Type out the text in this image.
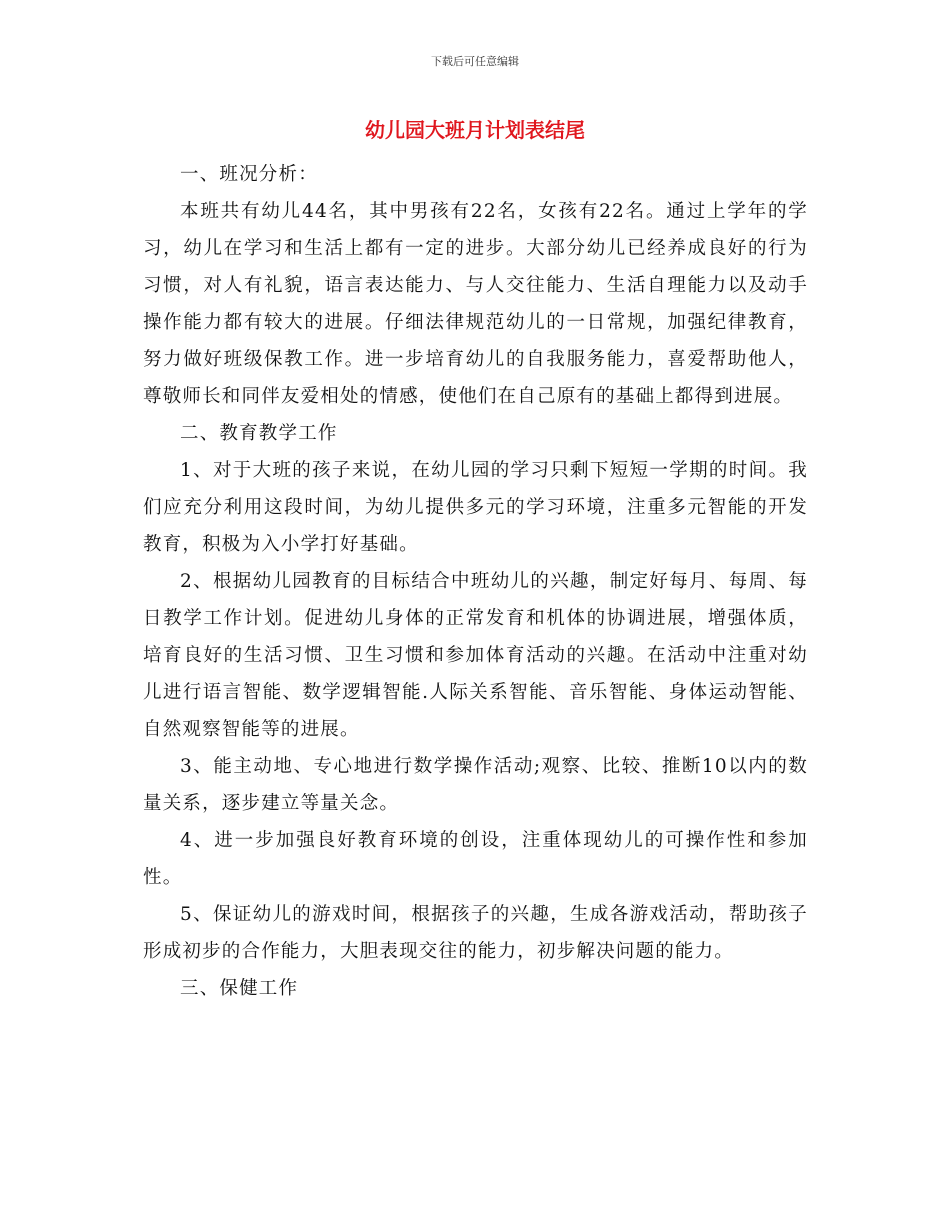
下载后可任意编辑
幼儿园大班月计划表结尾

一、班况分析：

本班共有幼儿44名，其中男孩有22名，女孩有22名。通过上学年的学习，幼儿在学习和生活上都有一定的进步。大部分幼儿已经养成良好的行为习惯，对人有礼貌，语言表达能力、与人交往能力、生活自理能力以及动手操作能力都有较大的进展。仔细法律规范幼儿的一日常规，加强纪律教育，努力做好班级保教工作。进一步培育幼儿的自我服务能力，喜爱帮助他人，尊敬师长和同伴友爱相处的情感，使他们在自己原有的基础上都得到进展。

二、教育教学工作

1、对于大班的孩子来说，在幼儿园的学习只剩下短短一学期的时间。我们应充分利用这段时间，为幼儿提供多元的学习环境，注重多元智能的开发教育，积极为入小学打好基础。

2、根据幼儿园教育的目标结合中班幼儿的兴趣，制定好每月、每周、每日教学工作计划。促进幼儿身体的正常发育和机体的协调进展，增强体质，培育良好的生活习惯、卫生习惯和参加体育活动的兴趣。在活动中注重对幼儿进行语言智能、数学逻辑智能.人际关系智能、音乐智能、身体运动智能、自然观察智能等的进展。

3、能主动地、专心地进行数学操作活动;观察、比较、推断10以内的数量关系，逐步建立等量关念。

4、进一步加强良好教育环境的创设，注重体现幼儿的可操作性和参加性。

5、保证幼儿的游戏时间，根据孩子的兴趣，生成各游戏活动，帮助孩子形成初步的合作能力，大胆表现交往的能力，初步解决问题的能力。

三、保健工作
